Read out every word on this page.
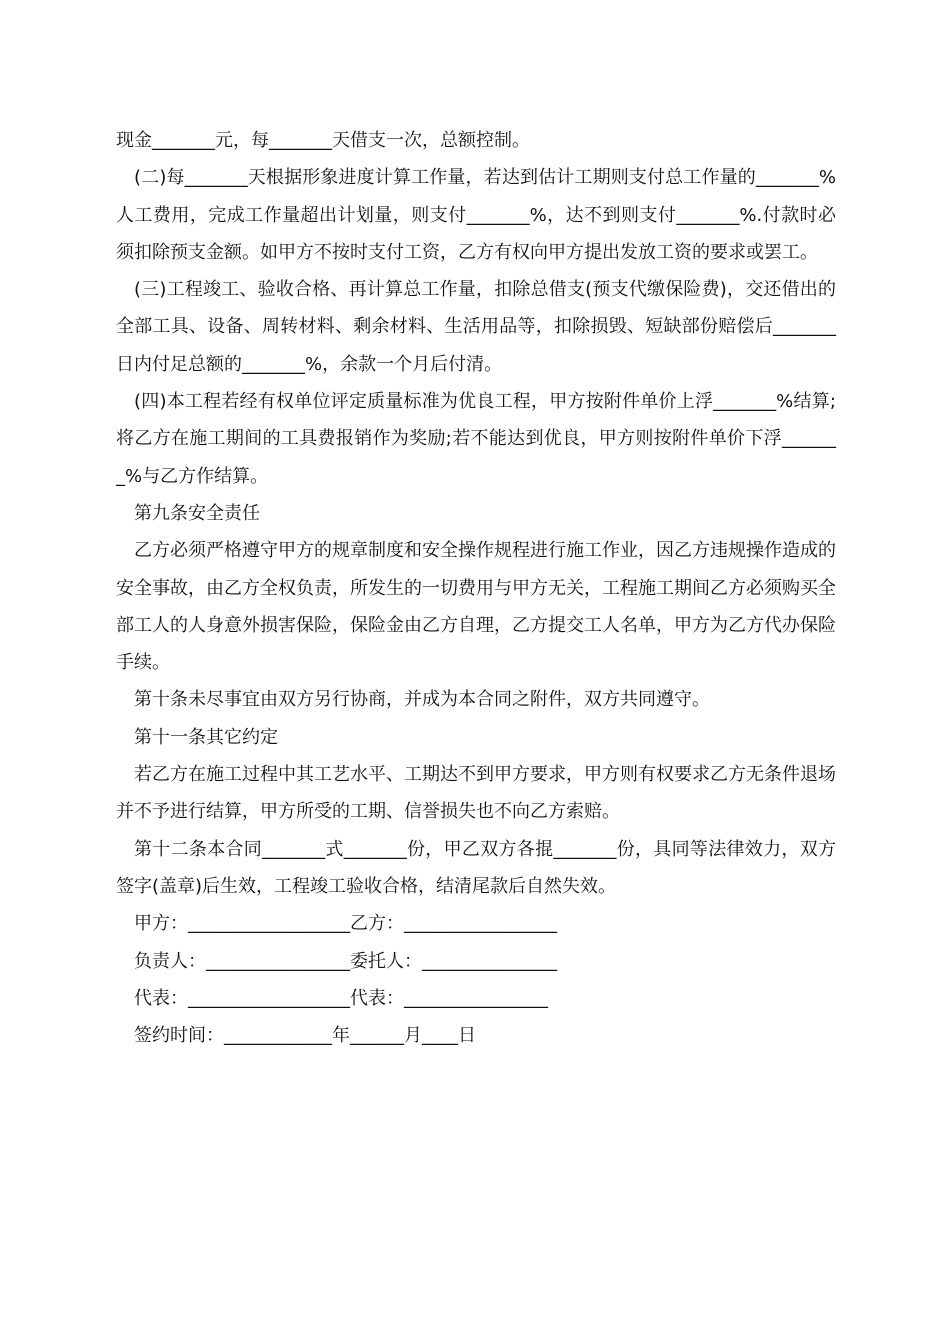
现金_______元，每_______天借支一次，总额控制。

(二)每_______天根据形象进度计算工作量，若达到估计工期则支付总工作量的_______%人工费用，完成工作量超出计划量，则支付_______%，达不到则支付_______%.付款时必须扣除预支金额。如甲方不按时支付工资，乙方有权向甲方提出发放工资的要求或罢工。

(三)工程竣工、验收合格、再计算总工作量，扣除总借支(预支代缴保险费)，交还借出的全部工具、设备、周转材料、剩余材料、生活用品等，扣除损毁、短缺部份赔偿后_______日内付足总额的_______%，余款一个月后付清。

(四)本工程若经有权单位评定质量标准为优良工程，甲方按附件单价上浮_______%结算;将乙方在施工期间的工具费报销作为奖励;若不能达到优良，甲方则按附件单价下浮_______%与乙方作结算。

第九条安全责任

乙方必须严格遵守甲方的规章制度和安全操作规程进行施工作业，因乙方违规操作造成的安全事故，由乙方全权负责，所发生的一切费用与甲方无关，工程施工期间乙方必须购买全部工人的人身意外损害保险，保险金由乙方自理，乙方提交工人名单，甲方为乙方代办保险手续。

第十条未尽事宜由双方另行协商，并成为本合同之附件，双方共同遵守。

第十一条其它约定

若乙方在施工过程中其工艺水平、工期达不到甲方要求，甲方则有权要求乙方无条件退场并不予进行结算，甲方所受的工期、信誉损失也不向乙方索赔。

第十二条本合同_______式_______份，甲乙双方各掍_______份，具同等法律效力，双方签字(盖章)后生效，工程竣工验收合格，结清尾款后自然失效。

甲方：__________________乙方：_________________

负责人：________________委托人：_______________

代表：__________________代表：________________

签约时间：____________年______月____日
